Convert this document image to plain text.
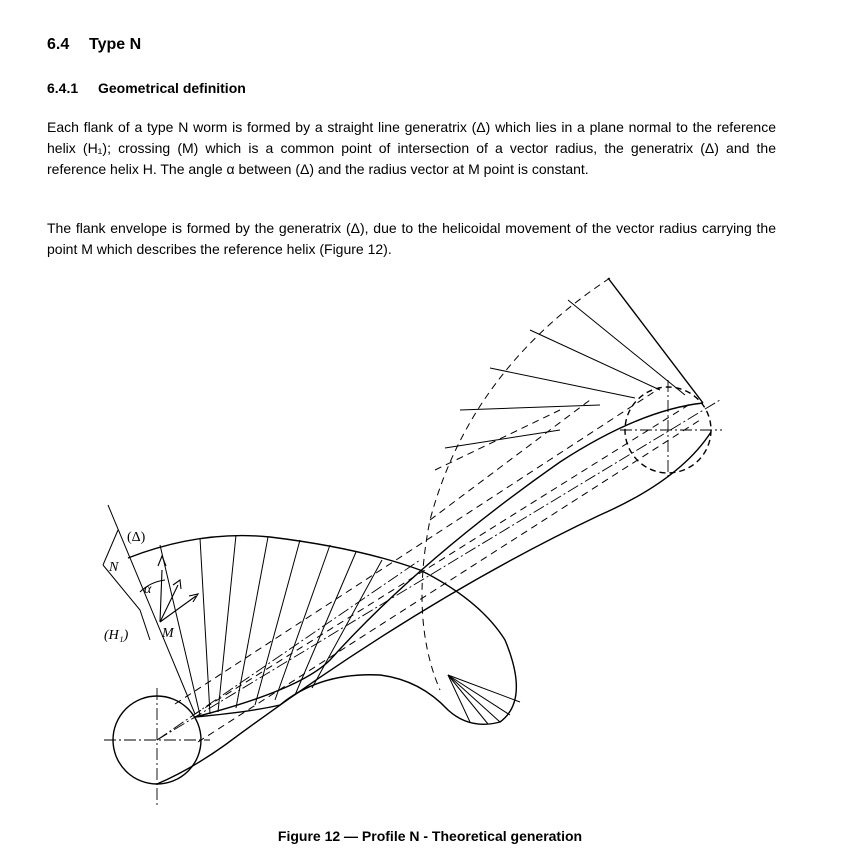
6.4 Type N
6.4.1 Geometrical definition

Each flank of a type N worm is formed by a straight line generatrix (Δ) which lies in a plane normal to the reference helix (H₁); crossing (M) which is a common point of intersection of a vector radius, the generatrix (Δ) and the reference helix H. The angle α between (Δ) and the radius vector at M point is constant.

The flank envelope is formed by the generatrix (Δ), due to the helicoidal movement of the vector radius carrying the point M which describes the reference helix (Figure 12).

(Δ)
N
α
(H₁) M
Figure 12 — Profile N - Theoretical generation
